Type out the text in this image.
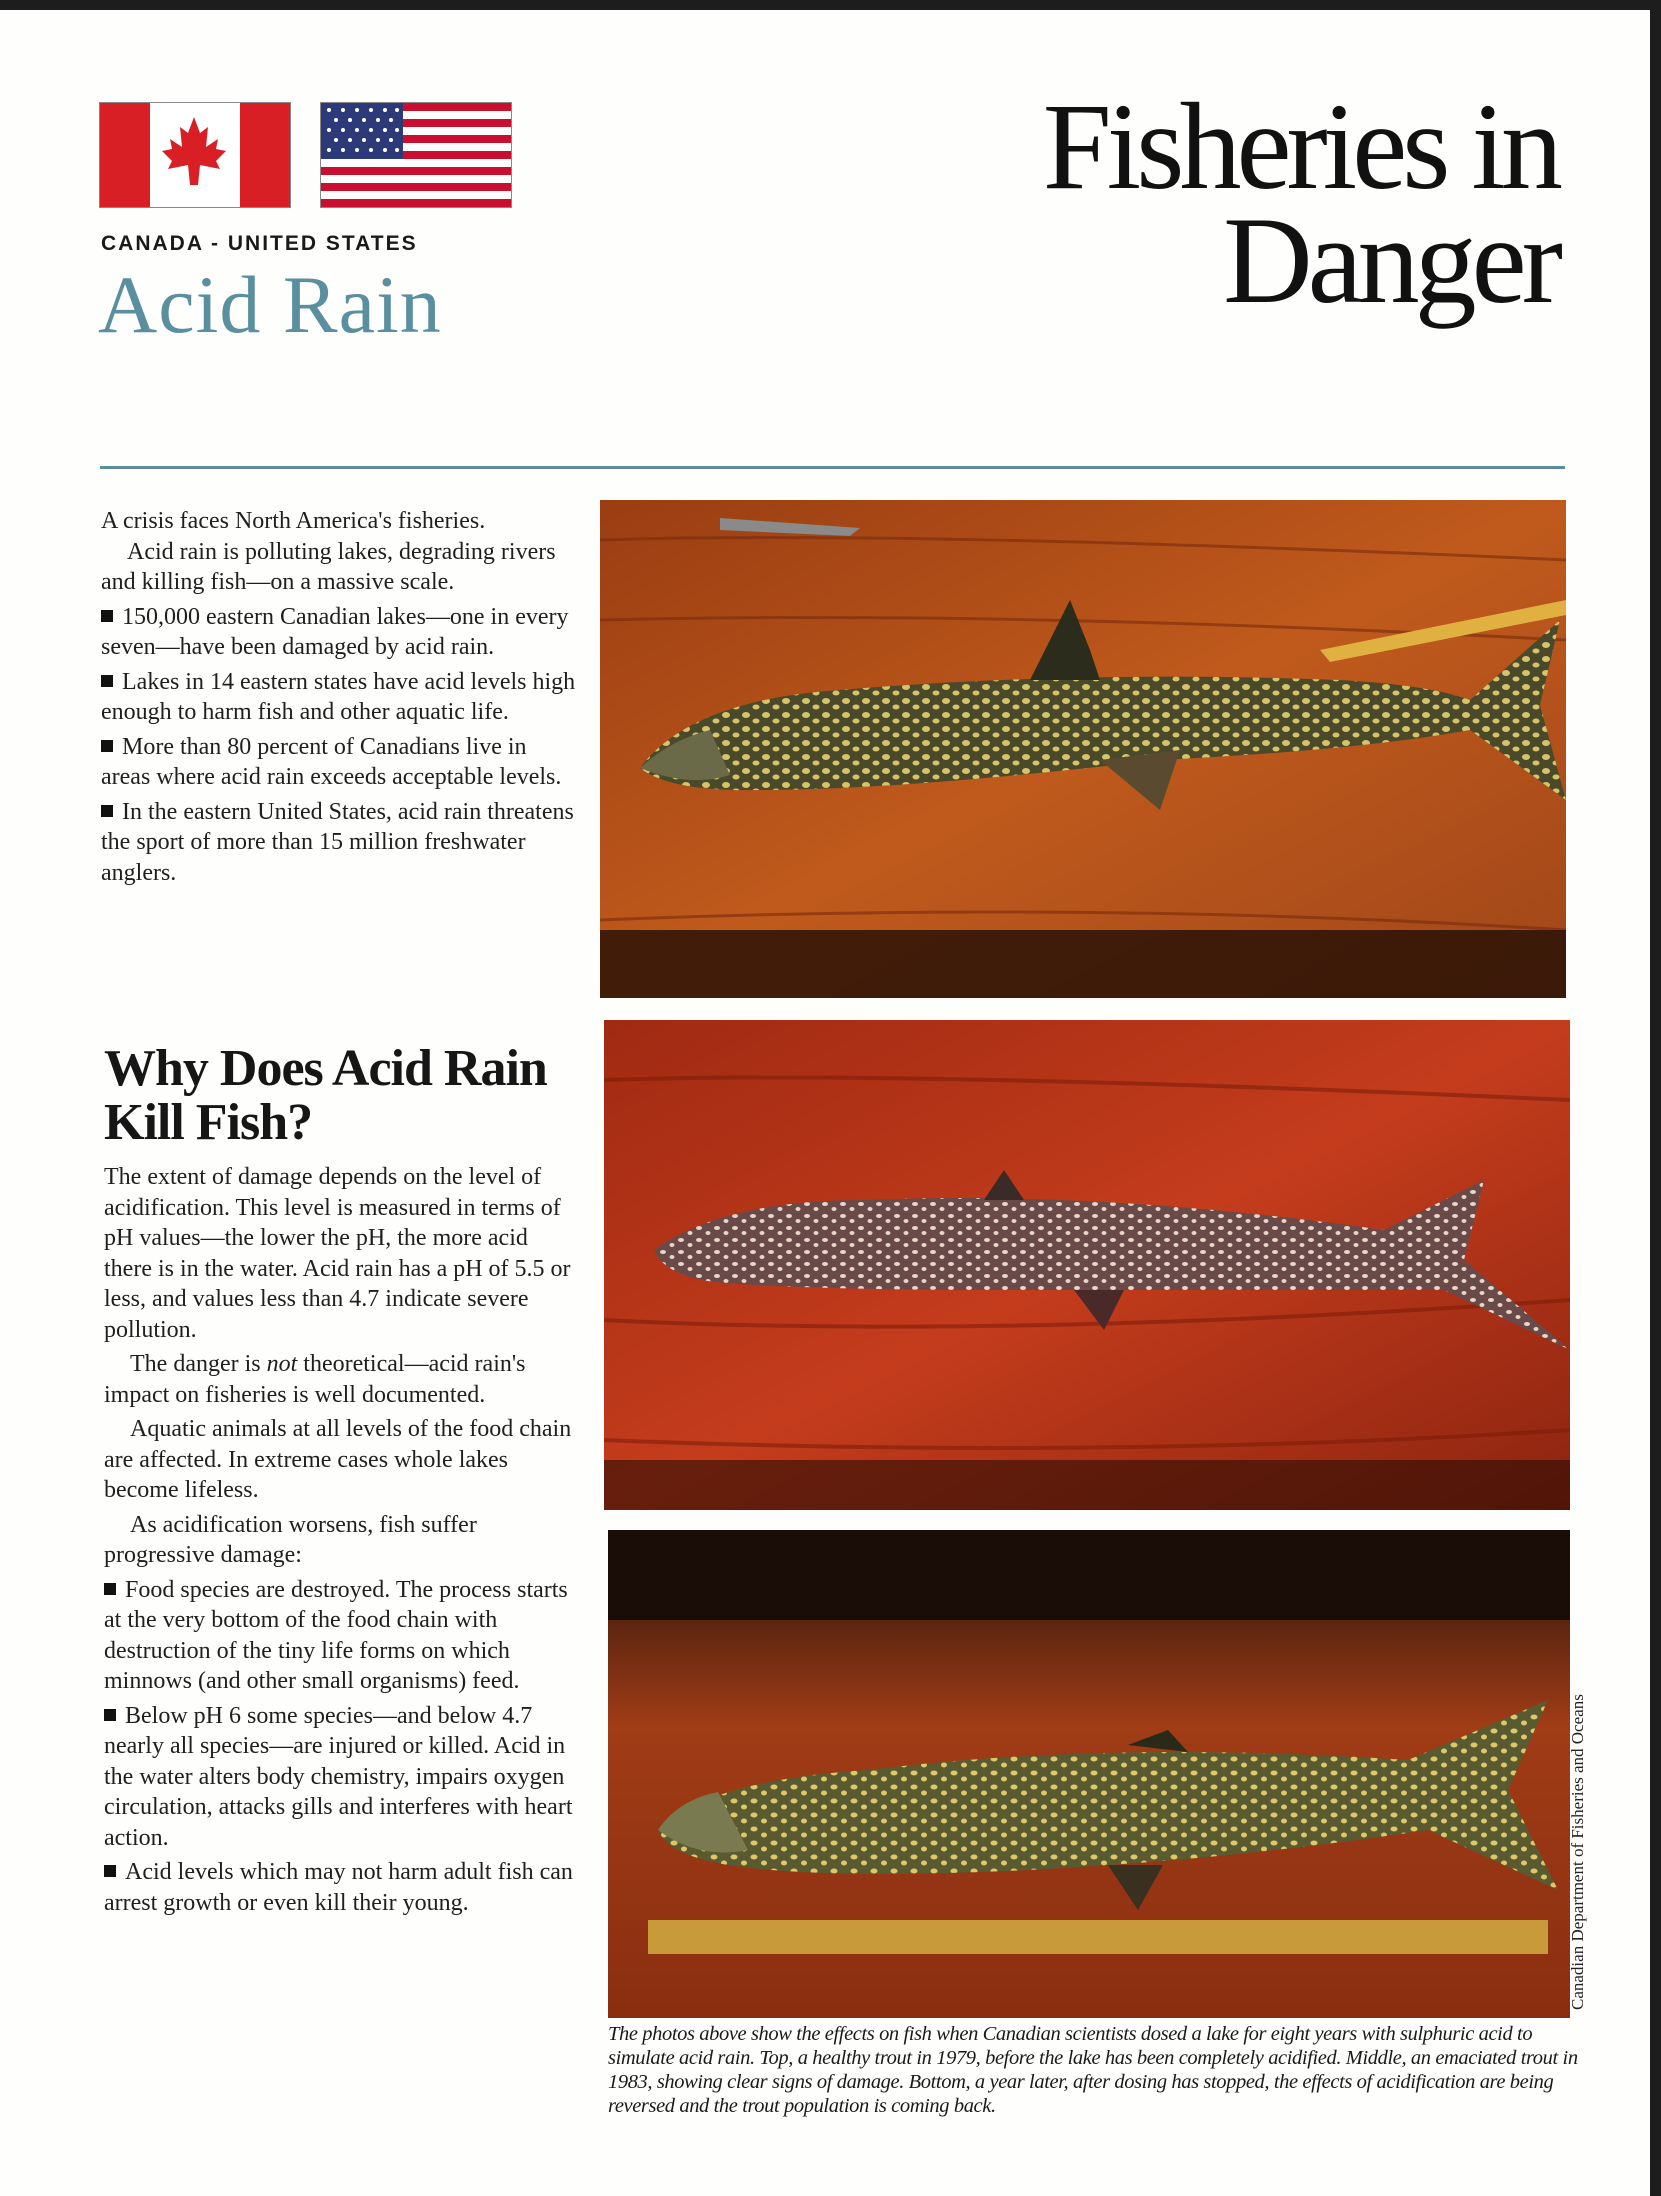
CANADA - UNITED STATES
Acid Rain
Fisheries in
Danger

A crisis faces North America's fisheries.

Acid rain is polluting lakes, degrading rivers and killing fish—on a massive scale.

150,000 eastern Canadian lakes—one in every seven—have been damaged by acid rain.

Lakes in 14 eastern states have acid levels high enough to harm fish and other aquatic life.

More than 80 percent of Canadians live in areas where acid rain exceeds acceptable levels.

In the eastern United States, acid rain threatens the sport of more than 15 million freshwater anglers.

Why Does Acid Rain Kill Fish?

The extent of damage depends on the level of acidification. This level is measured in terms of pH values—the lower the pH, the more acid there is in the water. Acid rain has a pH of 5.5 or less, and values less than 4.7 indicate severe pollution.

The danger is not theoretical—acid rain's impact on fisheries is well documented.

Aquatic animals at all levels of the food chain are affected. In extreme cases whole lakes become lifeless.

As acidification worsens, fish suffer progressive damage:

Food species are destroyed. The process starts at the very bottom of the food chain with destruction of the tiny life forms on which minnows (and other small organisms) feed.

Below pH 6 some species—and below 4.7 nearly all species—are injured or killed. Acid in the water alters body chemistry, impairs oxygen circulation, attacks gills and interferes with heart action.

Acid levels which may not harm adult fish can arrest growth or even kill their young.	Canadian Department of Fisheries and Oceans
The photos above show the effects on fish when Canadian scientists dosed a lake for eight years with sulphuric acid to simulate acid rain. Top, a healthy trout in 1979, before the lake has been completely acidified. Middle, an emaciated trout in 1983, showing clear signs of damage. Bottom, a year later, after dosing has stopped, the effects of acidification are being reversed and the trout population is coming back.
